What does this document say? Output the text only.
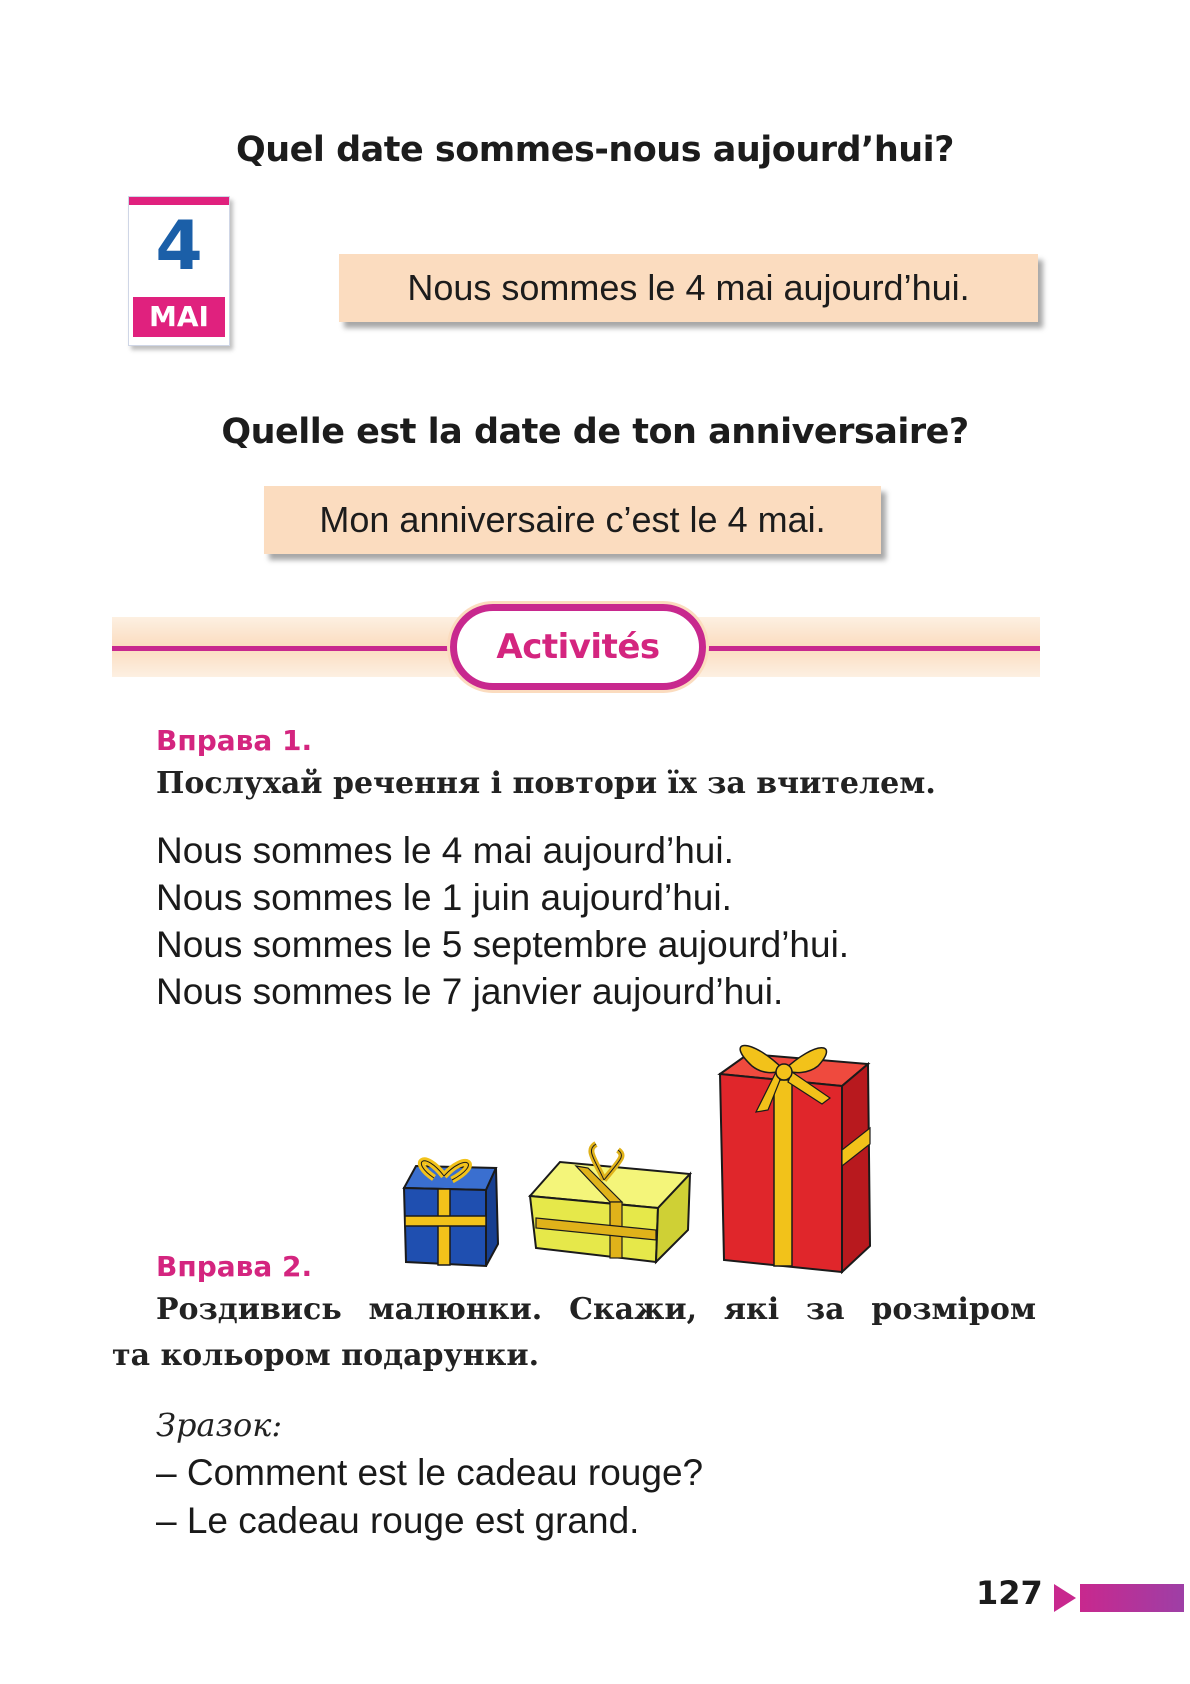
Quel date sommes-nous aujourd’hui?
4
MAI
Nous sommes le 4 mai aujourd’hui.
Quelle est la date de ton anniversaire?
Mon anniversaire c’est le 4 mai.
Activités
Вправа 1.
Послухай речення і повтори їх за вчителем.
Nous sommes le 4 mai aujourd’hui.
Nous sommes le 1 juin aujourd’hui.
Nous sommes le 5 septembre aujourd’hui.
Nous sommes le 7 janvier aujourd’hui.
Вправа 2.
Роздивись малюнки. Скажи, які за розміром
та кольором подарунки.
Зразок:
– Comment est le cadeau rouge?
– Le cadeau rouge est grand.
127
